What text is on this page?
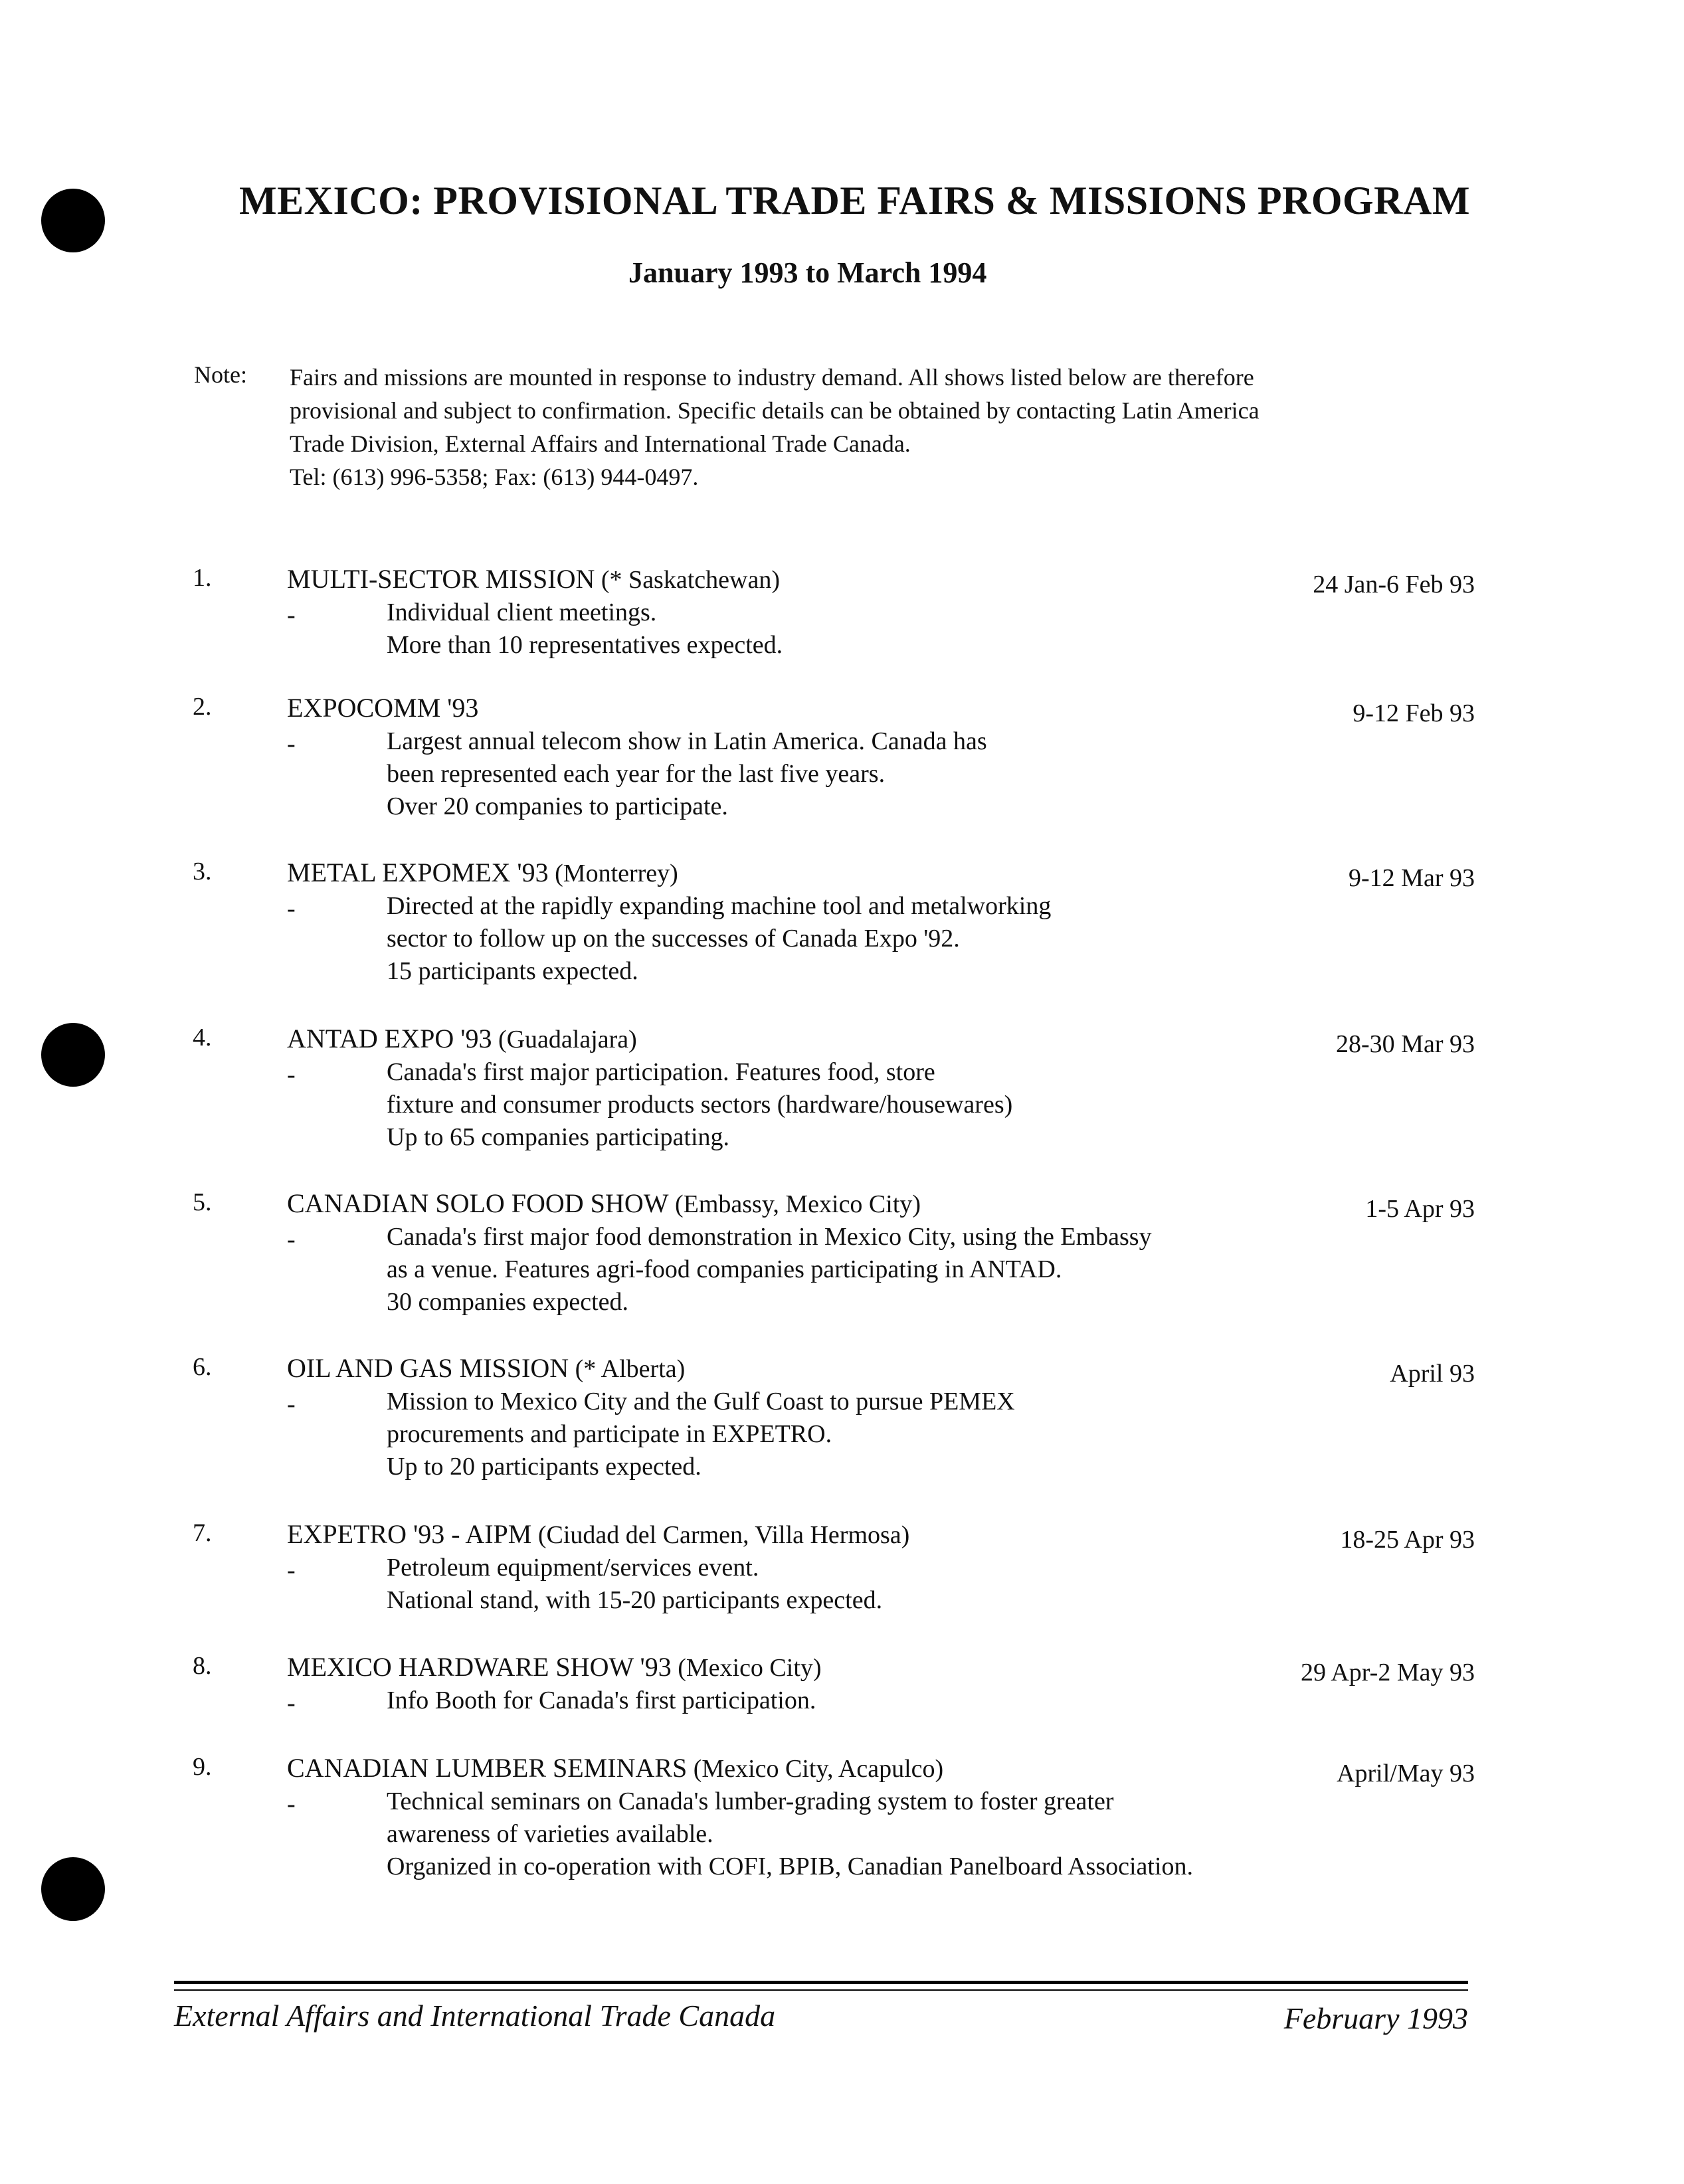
MEXICO: PROVISIONAL TRADE FAIRS & MISSIONS PROGRAM
January 1993 to March 1994
Note: Fairs and missions are mounted in response to industry demand. All shows listed below are therefore
provisional and subject to confirmation. Specific details can be obtained by contacting Latin America
Trade Division, External Affairs and International Trade Canada.
Tel: (613) 996-5358; Fax: (613) 944-0497.
1.	MULTI-SECTOR MISSION (* Saskatchewan)	24 Jan-6 Feb 93
-	Individual client meetings.
More than 10 representatives expected.
2.	EXPOCOMM '93	9-12 Feb 93
-	Largest annual telecom show in Latin America. Canada has
been represented each year for the last five years.
Over 20 companies to participate.
3.	METAL EXPOMEX '93 (Monterrey)	9-12 Mar 93
-	Directed at the rapidly expanding machine tool and metalworking
sector to follow up on the successes of Canada Expo '92.
15 participants expected.
4.	ANTAD EXPO '93 (Guadalajara)	28-30 Mar 93
-	Canada's first major participation. Features food, store
fixture and consumer products sectors (hardware/housewares)
Up to 65 companies participating.
5.	CANADIAN SOLO FOOD SHOW (Embassy, Mexico City)	1-5 Apr 93
-	Canada's first major food demonstration in Mexico City, using the Embassy
as a venue. Features agri-food companies participating in ANTAD.
30 companies expected.
6.	OIL AND GAS MISSION (* Alberta)	April 93
-	Mission to Mexico City and the Gulf Coast to pursue PEMEX
procurements and participate in EXPETRO.
Up to 20 participants expected.
7.	EXPETRO '93 - AIPM (Ciudad del Carmen, Villa Hermosa)	18-25 Apr 93
-	Petroleum equipment/services event.
National stand, with 15-20 participants expected.
8.	MEXICO HARDWARE SHOW '93 (Mexico City)	29 Apr-2 May 93
-	Info Booth for Canada's first participation.
9.	CANADIAN LUMBER SEMINARS (Mexico City, Acapulco)	April/May 93
-	Technical seminars on Canada's lumber-grading system to foster greater
awareness of varieties available.
Organized in co-operation with COFI, BPIB, Canadian Panelboard Association.
External Affairs and International Trade Canada	February 1993
